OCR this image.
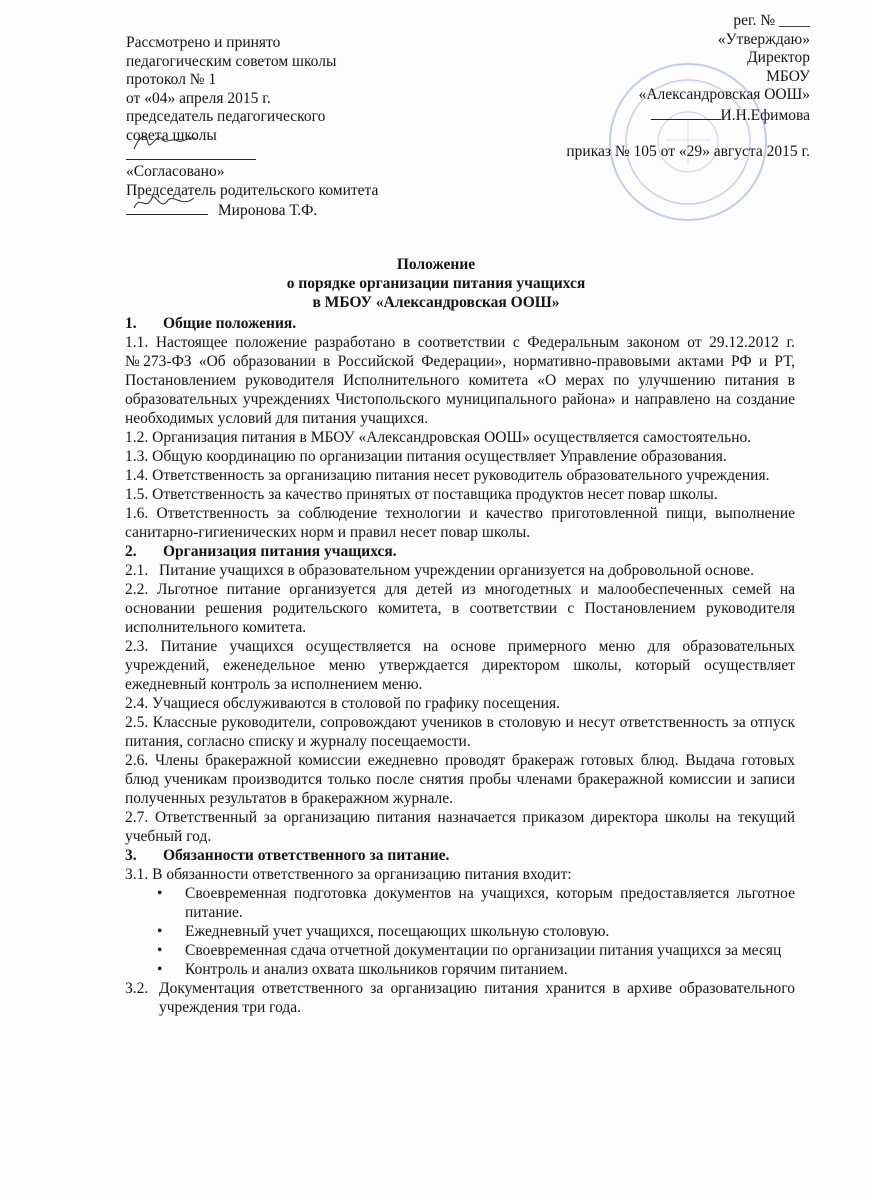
Рассмотрено и принято
педагогическим советом школы
протокол № 1
от «04» апреля 2015 г.
председатель педагогического
совета школы
«Согласовано»
Председатель родительского комитета

Миронова Т.Ф.
рег. № ____
«Утверждаю»
Директор
МБОУ
«Александровская ООШ»
И.Н.Ефимова
приказ № 105 от «29» августа 2015 г.
Положение
о порядке организации питания учащихся
в МБОУ «Александровская ООШ»
1.	Общие положения.

1.1. Настоящее положение разработано в соответствии с Федеральным законом от 29.12.2012 г. №273-ФЗ «Об образовании в Российской Федерации», нормативно-правовыми актами РФ и РТ, Постановлением руководителя Исполнительного комитета «О мерах по улучшению питания в образовательных учреждениях Чистопольского муниципального района» и направлено на создание необходимых условий для питания учащихся.

1.2. Организация питания в МБОУ «Александровская ООШ» осуществляется самостоятельно.

1.3. Общую координацию по организации питания осуществляет Управление образования.

1.4. Ответственность за организацию питания несет руководитель образовательного учреждения.

1.5. Ответственность за качество принятых от поставщика продуктов несет повар школы.

1.6. Ответственность за соблюдение технологии и качество приготовленной пищи, выполнение санитарно-гигиенических норм и правил несет повар школы.

2.	Организация питания учащихся.
2.1. Питание учащихся в образовательном учреждении организуется на добровольной основе.

2.2. Льготное питание организуется для детей из многодетных и малообеспеченных семей на основании решения родительского комитета, в соответствии с Постановлением руководителя исполнительного комитета.

2.3. Питание учащихся осуществляется на основе примерного меню для образовательных учреждений, еженедельное меню утверждается директором школы, который осуществляет ежедневный контроль за исполнением меню.

2.4. Учащиеся обслуживаются в столовой по графику посещения.

2.5. Классные руководители, сопровождают учеников в столовую и несут ответственность за отпуск питания, согласно списку и журналу посещаемости.

2.6. Члены бракеражной комиссии ежедневно проводят бракераж готовых блюд. Выдача готовых блюд ученикам производится только после снятия пробы членами бракеражной комиссии и записи полученных результатов в бракеражном журнале.

2.7. Ответственный за организацию питания назначается приказом директора школы на текущий учебный год.

3.	Обязанности ответственного за питание.

3.1. В обязанности ответственного за организацию питания входит:

•
Своевременная подготовка документов на учащихся, которым предоставляется льготное питание.
•
Ежедневный учет учащихся, посещающих школьную столовую.
•
Своевременная сдача отчетной документации по организации питания учащихся за месяц
•
Контроль и анализ охвата школьников горячим питанием.
3.2. Документация ответственного за организацию питания хранится в архиве образовательного учреждения три года.
